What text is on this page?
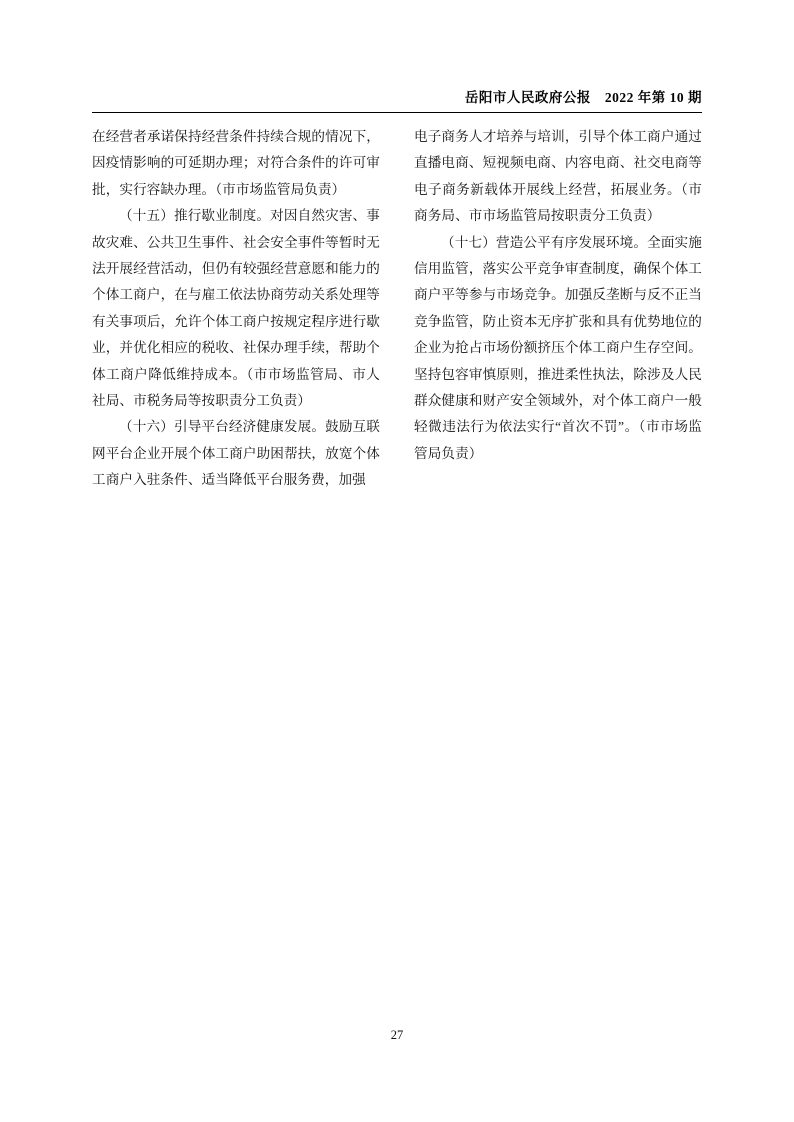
岳阳市人民政府公报 2022 年第 10 期

在经营者承诺保持经营条件持续合规的情况下，因疫情影响的可延期办理；对符合条件的许可审批，实行容缺办理。（市市场监管局负责）

（十五）推行歇业制度。对因自然灾害、事故灾难、公共卫生事件、社会安全事件等暂时无法开展经营活动，但仍有较强经营意愿和能力的个体工商户，在与雇工依法协商劳动关系处理等有关事项后，允许个体工商户按规定程序进行歇业，并优化相应的税收、社保办理手续，帮助个体工商户降低维持成本。（市市场监管局、市人社局、市税务局等按职责分工负责）

（十六）引导平台经济健康发展。鼓励互联网平台企业开展个体工商户助困帮扶，放宽个体工商户入驻条件、适当降低平台服务费，加强

电子商务人才培养与培训，引导个体工商户通过直播电商、短视频电商、内容电商、社交电商等电子商务新载体开展线上经营，拓展业务。（市商务局、市市场监管局按职责分工负责）

（十七）营造公平有序发展环境。全面实施信用监管，落实公平竞争审查制度，确保个体工商户平等参与市场竞争。加强反垄断与反不正当竞争监管，防止资本无序扩张和具有优势地位的企业为抢占市场份额挤压个体工商户生存空间。坚持包容审慎原则，推进柔性执法，除涉及人民群众健康和财产安全领域外，对个体工商户一般轻微违法行为依法实行“首次不罚”。（市市场监管局负责）

27
